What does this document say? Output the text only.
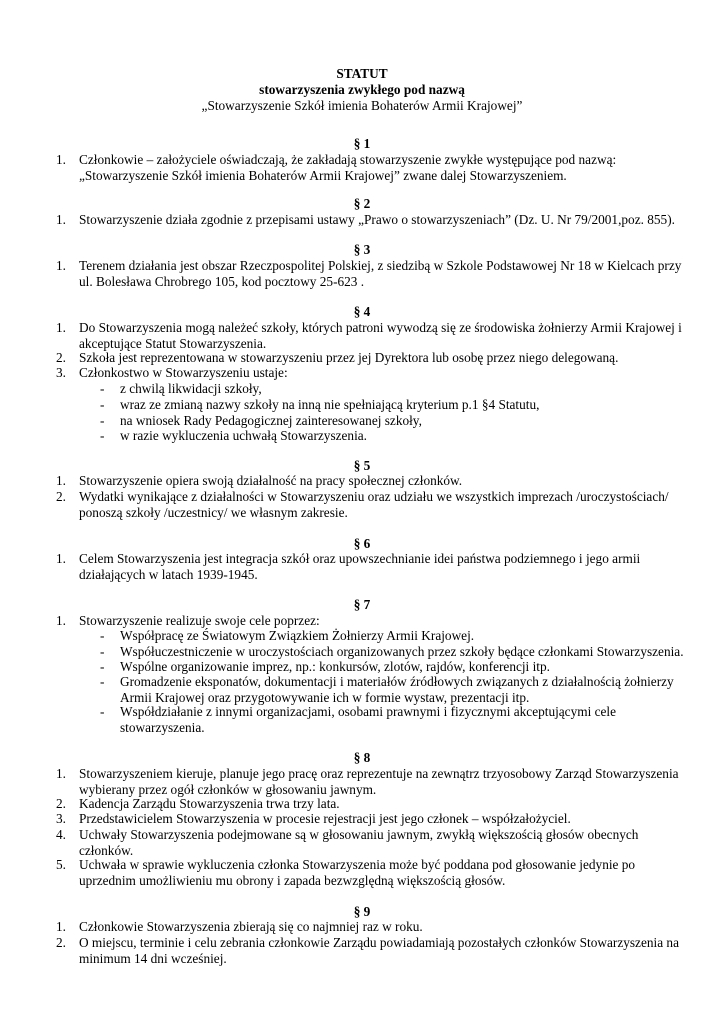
STATUT
stowarzyszenia zwykłego pod nazwą
„Stowarzyszenie Szkół imienia Bohaterów Armii Krajowej”
§ 1
1. Członkowie – założyciele oświadczają, że zakładają stowarzyszenie zwykłe występujące pod nazwą:
„Stowarzyszenie Szkół imienia Bohaterów Armii Krajowej” zwane dalej Stowarzyszeniem.
§ 2
1. Stowarzyszenie działa zgodnie z przepisami ustawy „Prawo o stowarzyszeniach” (Dz. U. Nr 79/2001,poz. 855).
§ 3
1. Terenem działania jest obszar Rzeczpospolitej Polskiej, z siedzibą w Szkole Podstawowej Nr 18 w Kielcach przy
ul. Bolesława Chrobrego 105, kod pocztowy 25-623 .
§ 4
1. Do Stowarzyszenia mogą należeć szkoły, których patroni wywodzą się ze środowiska żołnierzy Armii Krajowej i
akceptujące Statut Stowarzyszenia.
2. Szkoła jest reprezentowana w stowarzyszeniu przez jej Dyrektora lub osobę przez niego delegowaną.
3. Członkostwo w Stowarzyszeniu ustaje:
- z chwilą likwidacji szkoły,
- wraz ze zmianą nazwy szkoły na inną nie spełniającą kryterium p.1 §4 Statutu,
- na wniosek Rady Pedagogicznej zainteresowanej szkoły,
- w razie wykluczenia uchwałą Stowarzyszenia.
§ 5
1. Stowarzyszenie opiera swoją działalność na pracy społecznej członków.
2. Wydatki wynikające z działalności w Stowarzyszeniu oraz udziału we wszystkich imprezach /uroczystościach/
ponoszą szkoły /uczestnicy/ we własnym zakresie.
§ 6
1. Celem Stowarzyszenia jest integracja szkół oraz upowszechnianie idei państwa podziemnego i jego armii
działających w latach 1939-1945.
§ 7
1. Stowarzyszenie realizuje swoje cele poprzez:
- Współpracę ze Światowym Związkiem Żołnierzy Armii Krajowej.
- Współuczestniczenie w uroczystościach organizowanych przez szkoły będące członkami Stowarzyszenia.
- Wspólne organizowanie imprez, np.: konkursów, zlotów, rajdów, konferencji itp.
- Gromadzenie eksponatów, dokumentacji i materiałów źródłowych związanych z działalnością żołnierzy
Armii Krajowej oraz przygotowywanie ich w formie wystaw, prezentacji itp.
- Współdziałanie z innymi organizacjami, osobami prawnymi i fizycznymi akceptującymi cele
stowarzyszenia.
§ 8
1. Stowarzyszeniem kieruje, planuje jego pracę oraz reprezentuje na zewnątrz trzyosobowy Zarząd Stowarzyszenia
wybierany przez ogół członków w głosowaniu jawnym.
2. Kadencja Zarządu Stowarzyszenia trwa trzy lata.
3. Przedstawicielem Stowarzyszenia w procesie rejestracji jest jego członek – współzałożyciel.
4. Uchwały Stowarzyszenia podejmowane są w głosowaniu jawnym, zwykłą większością głosów obecnych
członków.
5. Uchwała w sprawie wykluczenia członka Stowarzyszenia może być poddana pod głosowanie jedynie po
uprzednim umożliwieniu mu obrony i zapada bezwzględną większością głosów.
§ 9
1. Członkowie Stowarzyszenia zbierają się co najmniej raz w roku.
2. O miejscu, terminie i celu zebrania członkowie Zarządu powiadamiają pozostałych członków Stowarzyszenia na
minimum 14 dni wcześniej.
